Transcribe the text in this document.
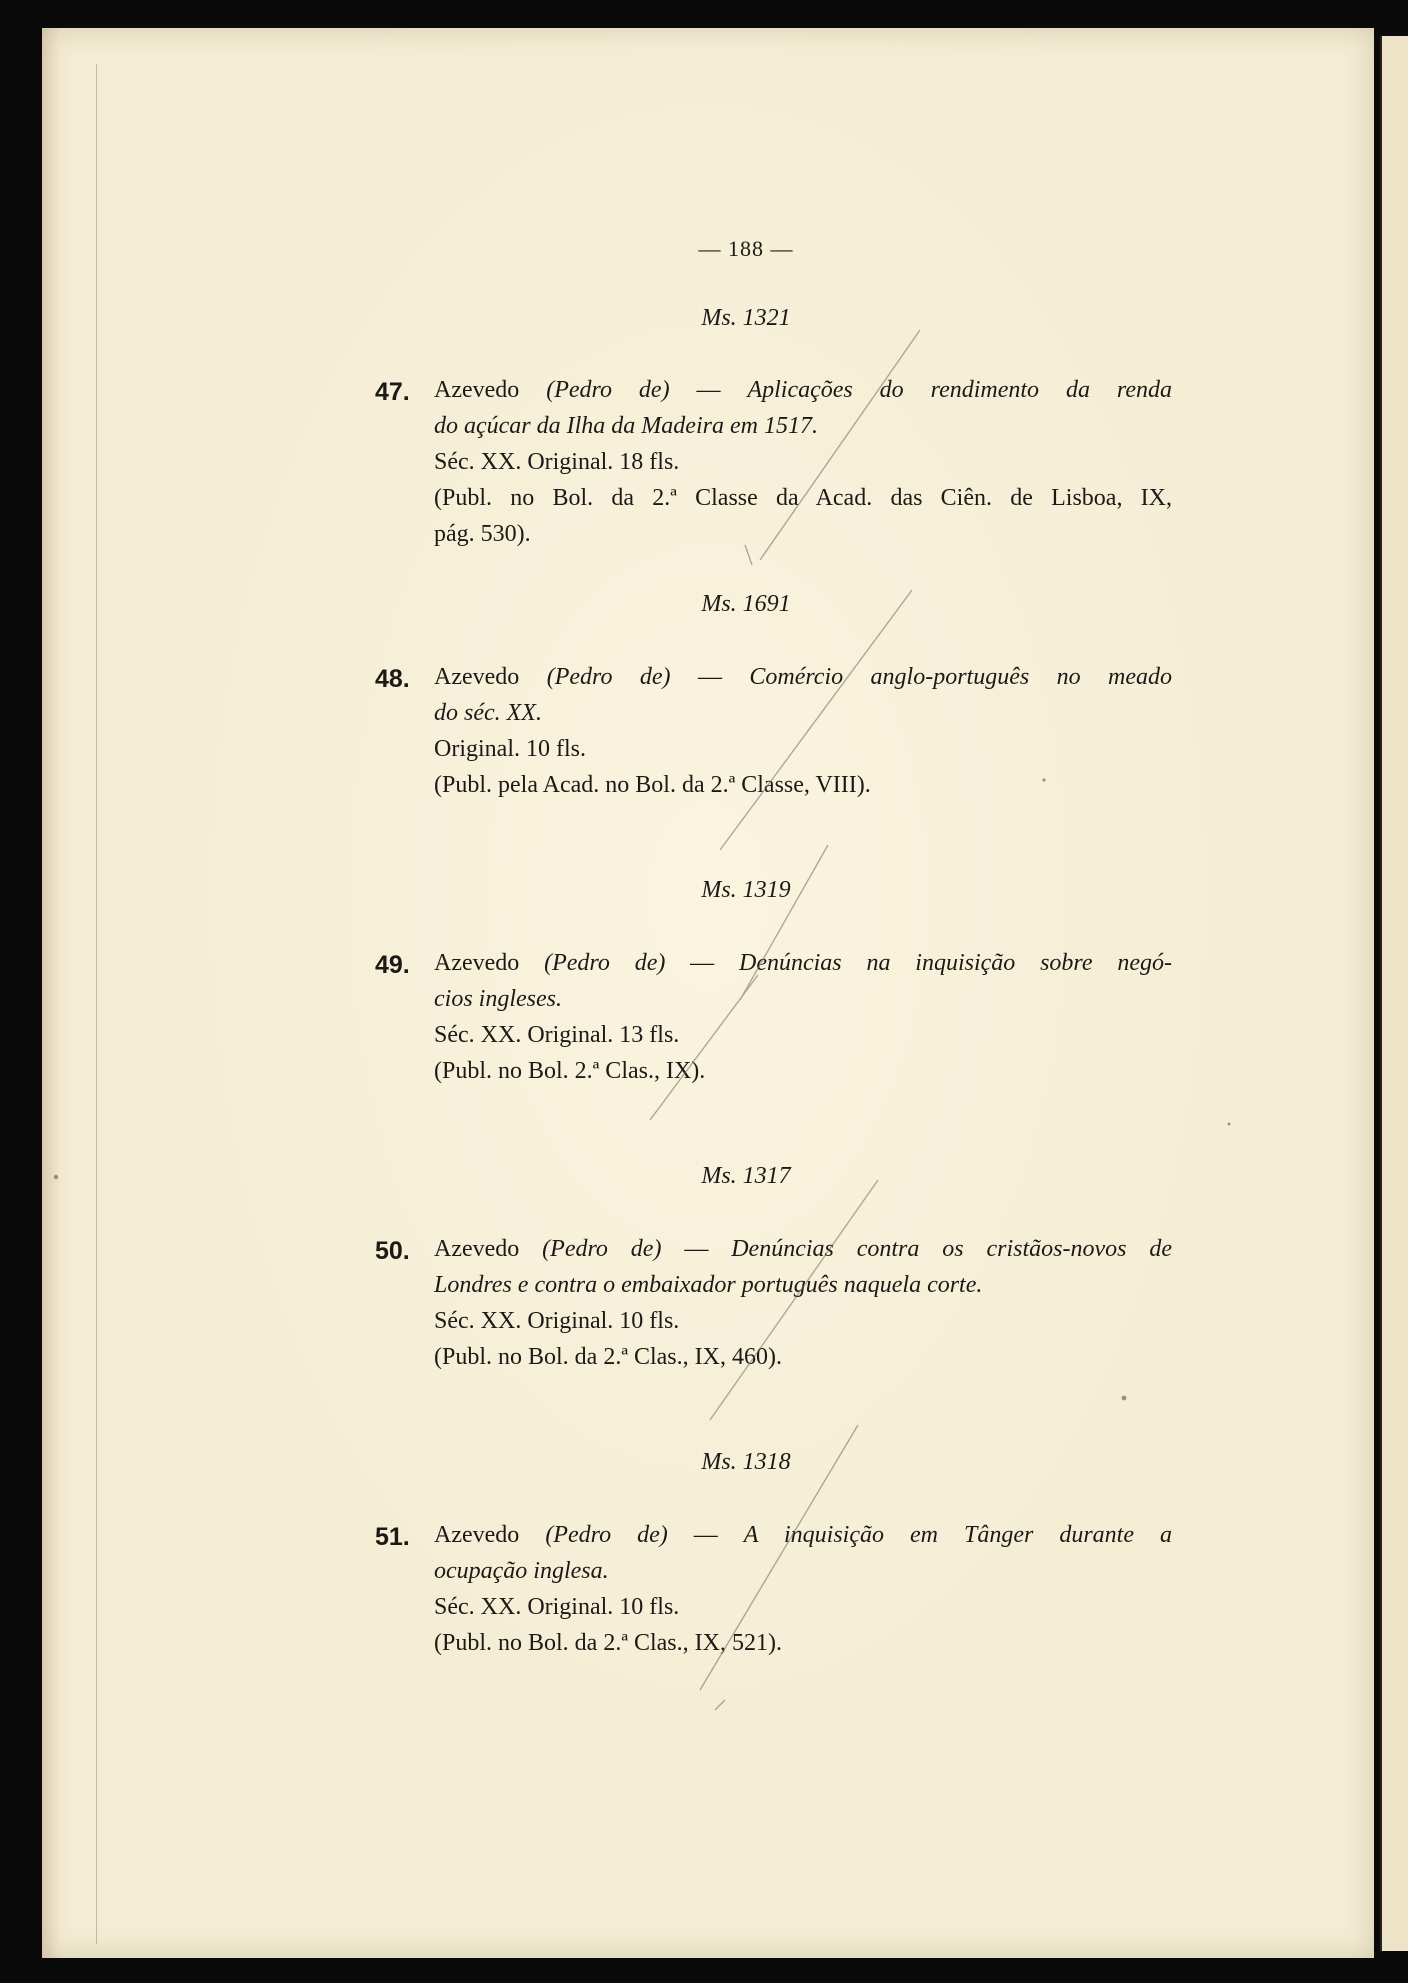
— 188 —
Ms. 1321
47.	Azevedo (Pedro de) — Aplicações do rendimento da renda
do açúcar da Ilha da Madeira em 1517.
Séc. XX. Original. 18 fls.
(Publ. no Bol. da 2.ª Classe da Acad. das Ciên. de Lisboa, IX,
pág. 530).
Ms. 1691
48.	Azevedo (Pedro de) — Comércio anglo-português no meado
do séc. XX.
Original. 10 fls.
(Publ. pela Acad. no Bol. da 2.ª Classe, VIII).
Ms. 1319
49.	Azevedo (Pedro de) — Denúncias na inquisição sobre negó-
cios ingleses.
Séc. XX. Original. 13 fls.
(Publ. no Bol. 2.ª Clas., IX).
Ms. 1317
50.	Azevedo (Pedro de) — Denúncias contra os cristãos-novos de
Londres e contra o embaixador português naquela corte.
Séc. XX. Original. 10 fls.
(Publ. no Bol. da 2.ª Clas., IX, 460).
Ms. 1318
51.	Azevedo (Pedro de) — A inquisição em Tânger durante a
ocupação inglesa.
Séc. XX. Original. 10 fls.
(Publ. no Bol. da 2.ª Clas., IX, 521).
